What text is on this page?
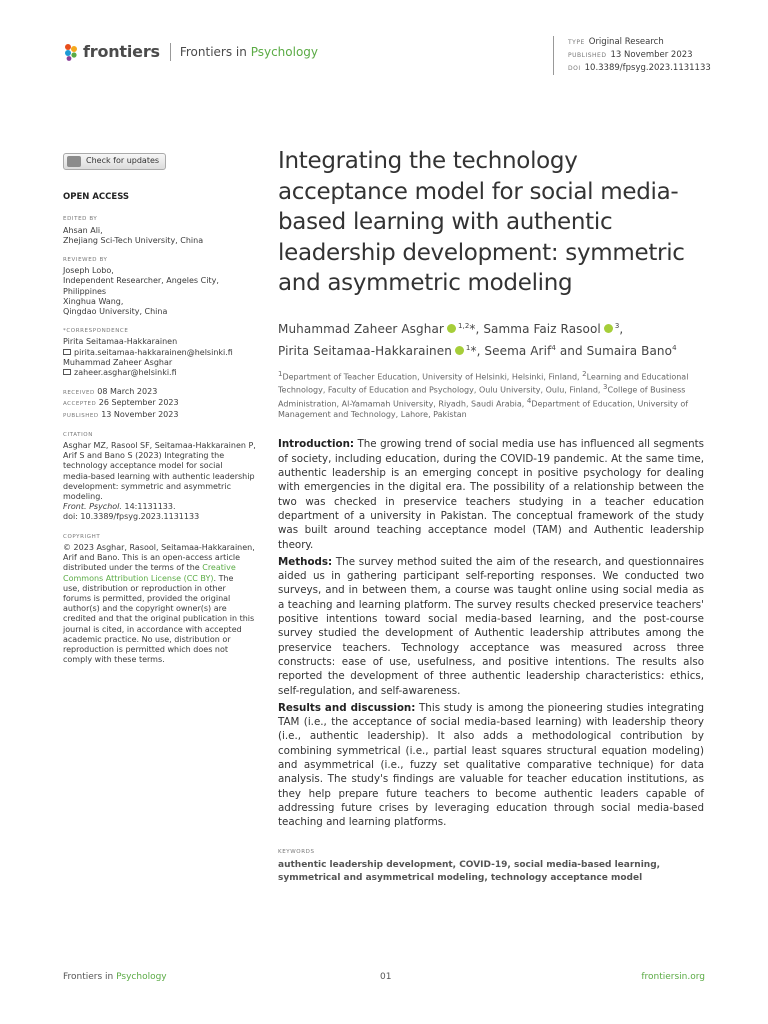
frontiers Frontiers in Psychology
TYPE Original Research
PUBLISHED 13 November 2023
DOI 10.3389/fpsyg.2023.1131133
Check for updates
OPEN ACCESS
EDITED BY
Ahsan Ali,
Zhejiang Sci-Tech University, China
REVIEWED BY
Joseph Lobo,
Independent Researcher, Angeles City,
Philippines
Xinghua Wang,
Qingdao University, China
*CORRESPONDENCE
Pirita Seitamaa-Hakkarainen
pirita.seitamaa-hakkarainen@helsinki.fi
Muhammad Zaheer Asghar
zaheer.asghar@helsinki.fi
RECEIVED 08 March 2023
ACCEPTED 26 September 2023
PUBLISHED 13 November 2023
CITATION
Asghar MZ, Rasool SF, Seitamaa-Hakkarainen P,
Arif S and Bano S (2023) Integrating the
technology acceptance model for social
media-based learning with authentic leadership
development: symmetric and asymmetric
modeling.
Front. Psychol. 14:1131133.
doi: 10.3389/fpsyg.2023.1131133
COPYRIGHT
© 2023 Asghar, Rasool, Seitamaa-Hakkarainen,
Arif and Bano. This is an open-access article
distributed under the terms of the Creative
Commons Attribution License (CC BY). The
use, distribution or reproduction in other
forums is permitted, provided the original
author(s) and the copyright owner(s) are
credited and that the original publication in this
journal is cited, in accordance with accepted
academic practice. No use, distribution or
reproduction is permitted which does not
comply with these terms.
Integrating the technology acceptance model for social media-based learning with authentic leadership development: symmetric and asymmetric modeling
Muhammad Zaheer Asghar $^{1,2}$*, Samma Faiz Rasool $^3$,
Pirita Seitamaa-Hakkarainen $^1$*, Seema Arif$^4$ and Sumaira Bano$^4$
$^1$Department of Teacher Education, University of Helsinki, Helsinki, Finland, $^2$Learning and Educational Technology, Faculty of Education and Psychology, Oulu University, Oulu, Finland, $^3$College of Business Administration, Al-Yamamah University, Riyadh, Saudi Arabia, $^4$Department of Education, University of Management and Technology, Lahore, Pakistan

Introduction: The growing trend of social media use has influenced all segments of society, including education, during the COVID-19 pandemic. At the same time, authentic leadership is an emerging concept in positive psychology for dealing with emergencies in the digital era. The possibility of a relationship between the two was checked in preservice teachers studying in a teacher education department of a university in Pakistan. The conceptual framework of the study was built around teaching acceptance model (TAM) and Authentic leadership theory.

Methods: The survey method suited the aim of the research, and questionnaires aided us in gathering participant self-reporting responses. We conducted two surveys, and in between them, a course was taught online using social media as a teaching and learning platform. The survey results checked preservice teachers' positive intentions toward social media-based learning, and the post-course survey studied the development of Authentic leadership attributes among the preservice teachers. Technology acceptance was measured across three constructs: ease of use, usefulness, and positive intentions. The results also reported the development of three authentic leadership characteristics: ethics, self-regulation, and self-awareness.

Results and discussion: This study is among the pioneering studies integrating TAM (i.e., the acceptance of social media-based learning) with leadership theory (i.e., authentic leadership). It also adds a methodological contribution by combining symmetrical (i.e., partial least squares structural equation modeling) and asymmetrical (i.e., fuzzy set qualitative comparative technique) for data analysis. The study's findings are valuable for teacher education institutions, as they help prepare future teachers to become authentic leaders capable of addressing future crises by leveraging education through social media-based teaching and learning platforms.

KEYWORDS
authentic leadership development, COVID-19, social media-based learning, symmetrical and asymmetrical modeling, technology acceptance model
Frontiers in Psychology	01	frontiersin.org
